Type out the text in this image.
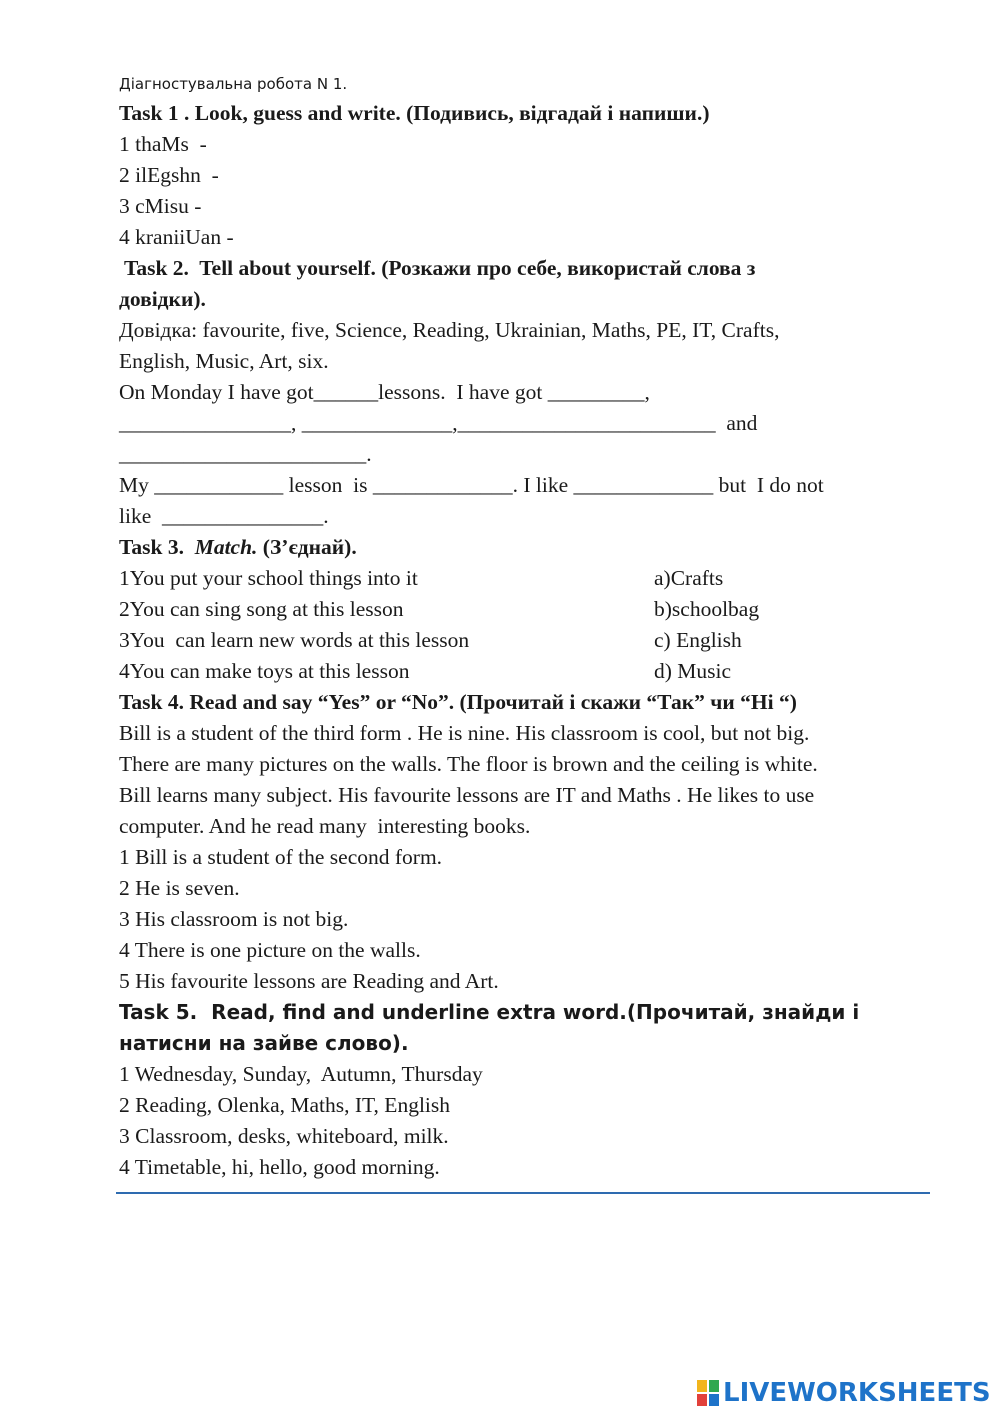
Діагностувальна робота N 1.
Task 1 . Look, guess and write. (Подивись, відгадай і напиши.)
1 thaMs  -
2 ilEgshn  -
3 cMisu -
4 kraniiUan -
Task 2.  Tell about yourself. (Розкажи про себе, використай слова з
довідки).
Довідка: favourite, five, Science, Reading, Ukrainian, Maths, PE, IT, Crafts,
English, Music, Art, six.
On Monday I have got______lessons.  I have got _________,
________________, ______________,________________________  and
_______________________.
My ____________ lesson  is _____________. I like _____________ but  I do not
like  _______________.
Task 3.  Match. (З’єднай).
1You put your school things into it	a)Crafts
2You can sing song at this lesson	b)schoolbag
3You  can learn new words at this lesson	c) English
4You can make toys at this lesson	d) Music
Task 4. Read and say “Yes” or “No”. (Прочитай і скажи “Так” чи “Ні “)
Bill is a student of the third form . He is nine. His classroom is cool, but not big.
There are many pictures on the walls. The floor is brown and the ceiling is white.
Bill learns many subject. His favourite lessons are IT and Maths . He likes to use
computer. And he read many  interesting books.
1 Bill is a student of the second form.
2 He is seven.
3 His classroom is not big.
4 There is one picture on the walls.
5 His favourite lessons are Reading and Art.
Task 5.  Read, find and underline extra word.(Прочитай, знайди і
натисни на зайве слово).
1 Wednesday, Sunday,  Autumn, Thursday
2 Reading, Olenka, Maths, IT, English
3 Classroom, desks, whiteboard, milk.
4 Timetable, hi, hello, good morning.
LIVEWORKSHEETS
